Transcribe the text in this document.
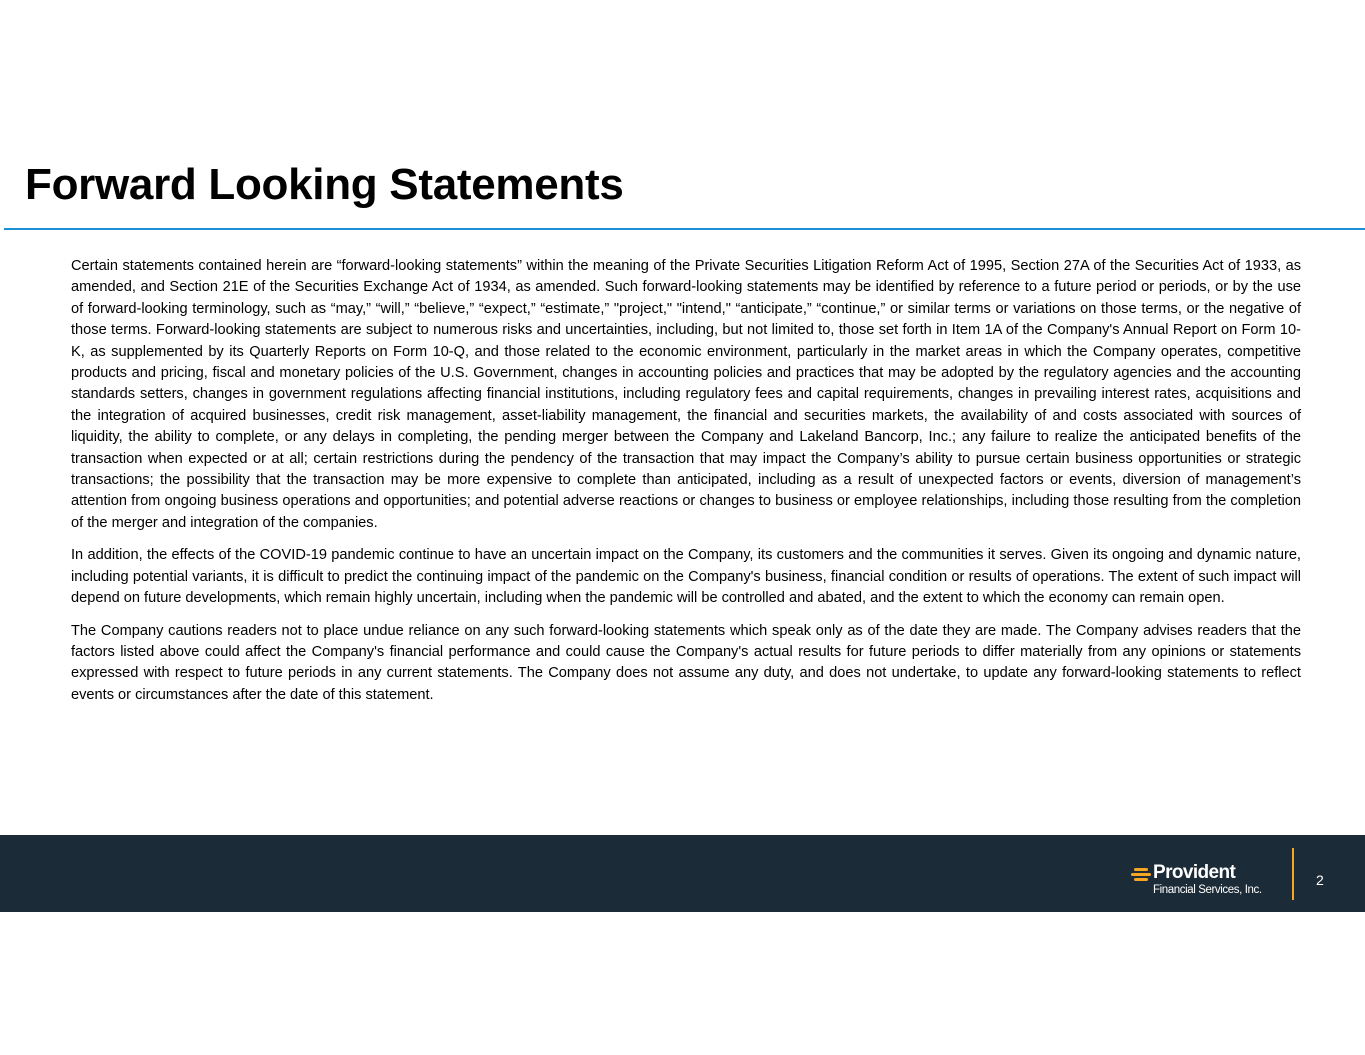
Forward Looking Statements

Certain statements contained herein are “forward-looking statements” within the meaning of the Private Securities Litigation Reform Act of 1995, Section 27A of the Securities Act of 1933, as amended, and Section 21E of the Securities Exchange Act of 1934, as amended. Such forward-looking statements may be identified by reference to a future period or periods, or by the use of forward-looking terminology, such as “may,” “will,” “believe,” “expect,” “estimate,” "project," "intend," “anticipate,” “continue,” or similar terms or variations on those terms, or the negative of those terms. Forward-looking statements are subject to numerous risks and uncertainties, including, but not limited to, those set forth in Item 1A of the Company's Annual Report on Form 10-K, as supplemented by its Quarterly Reports on Form 10-Q, and those related to the economic environment, particularly in the market areas in which the Company operates, competitive products and pricing, fiscal and monetary policies of the U.S. Government, changes in accounting policies and practices that may be adopted by the regulatory agencies and the accounting standards setters, changes in government regulations affecting financial institutions, including regulatory fees and capital requirements, changes in prevailing interest rates, acquisitions and the integration of acquired businesses, credit risk management, asset-liability management, the financial and securities markets, the availability of and costs associated with sources of liquidity, the ability to complete, or any delays in completing, the pending merger between the Company and Lakeland Bancorp, Inc.; any failure to realize the anticipated benefits of the transaction when expected or at all; certain restrictions during the pendency of the transaction that may impact the Company’s ability to pursue certain business opportunities or strategic transactions; the possibility that the transaction may be more expensive to complete than anticipated, including as a result of unexpected factors or events, diversion of management’s attention from ongoing business operations and opportunities; and potential adverse reactions or changes to business or employee relationships, including those resulting from the completion of the merger and integration of the companies.

In addition, the effects of the COVID-19 pandemic continue to have an uncertain impact on the Company, its customers and the communities it serves. Given its ongoing and dynamic nature, including potential variants, it is difficult to predict the continuing impact of the pandemic on the Company's business, financial condition or results of operations. The extent of such impact will depend on future developments, which remain highly uncertain, including when the pandemic will be controlled and abated, and the extent to which the economy can remain open.

The Company cautions readers not to place undue reliance on any such forward-looking statements which speak only as of the date they are made. The Company advises readers that the factors listed above could affect the Company's financial performance and could cause the Company's actual results for future periods to differ materially from any opinions or statements expressed with respect to future periods in any current statements. The Company does not assume any duty, and does not undertake, to update any forward-looking statements to reflect events or circumstances after the date of this statement.

Provident
Financial Services, Inc.
2
